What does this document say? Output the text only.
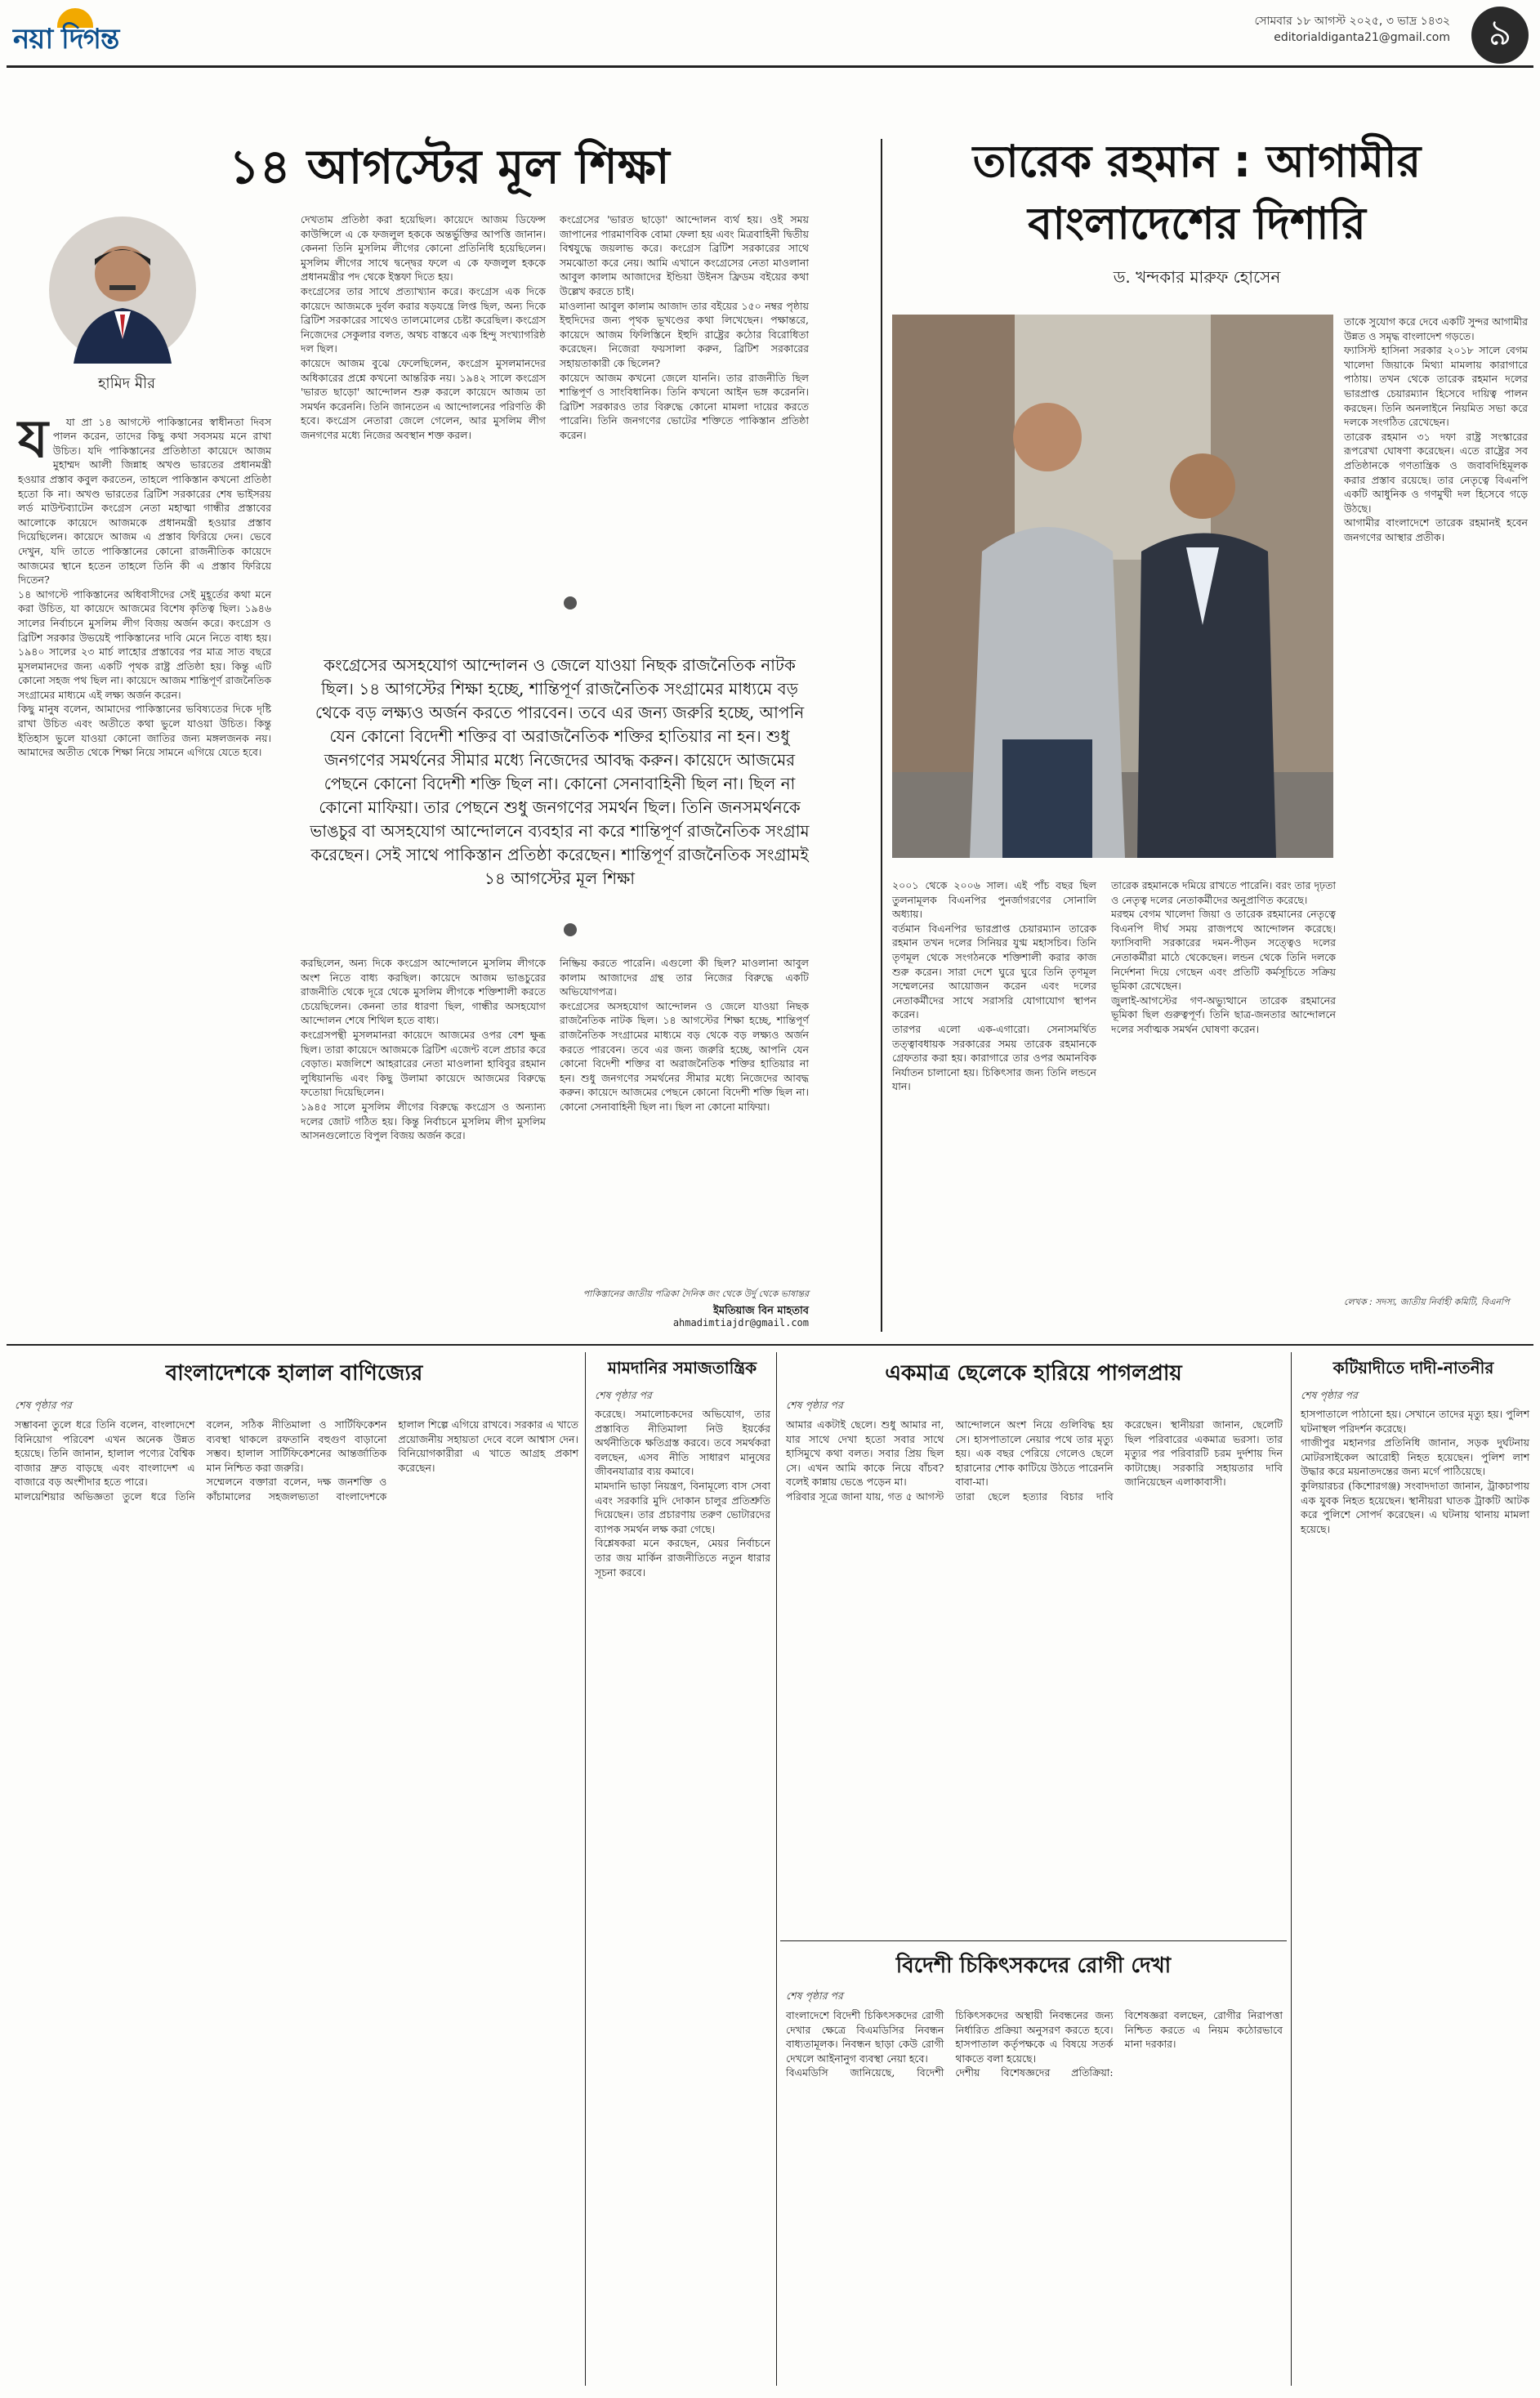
নয়া দিগন্ত
সোমবার ১৮ আগস্ট ২০২৫, ৩ ভাদ্র ১৪৩২
editorialdiganta21@gmail.com	৯
১৪ আগস্টের মূল শিক্ষা
হামিদ মীর

য যা প্রা ১৪ আগস্টে পাকিস্তানের স্বাধীনতা দিবস পালন করেন, তাদের কিছু কথা সবসময় মনে রাখা উচিত। যদি পাকিস্তানের প্রতিষ্ঠাতা কায়েদে আজম মুহাম্মদ আলী জিন্নাহ অখণ্ড ভারতের প্রধানমন্ত্রী হওয়ার প্রস্তাব কবুল করতেন, তাহলে পাকিস্তান কখনো প্রতিষ্ঠা হতো কি না। অখণ্ড ভারতের ব্রিটিশ সরকারের শেষ ভাইসরয় লর্ড মাউন্টব্যাটেন কংগ্রেস নেতা মহাত্মা গান্ধীর প্রস্তাবের আলোকে কায়েদে আজমকে প্রধানমন্ত্রী হওয়ার প্রস্তাব দিয়েছিলেন। কায়েদে আজম এ প্রস্তাব ফিরিয়ে দেন। ভেবে দেখুন, যদি তাতে পাকিস্তানের কোনো রাজনীতিক কায়েদে আজমের স্থানে হতেন তাহলে তিনি কী এ প্রস্তাব ফিরিয়ে দিতেন?
১৪ আগস্টে পাকিস্তানের অধিবাসীদের সেই মুহূর্তের কথা মনে করা উচিত, যা কায়েদে আজমের বিশেষ কৃতিত্ব ছিল। ১৯৪৬ সালের নির্বাচনে মুসলিম লীগ বিজয় অর্জন করে। কংগ্রেস ও ব্রিটিশ সরকার উভয়েই পাকিস্তানের দাবি মেনে নিতে বাধ্য হয়। ১৯৪০ সালের ২৩ মার্চ লাহোর প্রস্তাবের পর মাত্র সাত বছরে মুসলমানদের জন্য একটি পৃথক রাষ্ট্র প্রতিষ্ঠা হয়। কিন্তু এটি কোনো সহজ পথ ছিল না। কায়েদে আজম শান্তিপূর্ণ রাজনৈতিক সংগ্রামের মাধ্যমে এই লক্ষ্য অর্জন করেন।
কিছু মানুষ বলেন, আমাদের পাকিস্তানের ভবিষ্যতের দিকে দৃষ্টি রাখা উচিত এবং অতীতে কথা ভুলে যাওয়া উচিত। কিন্তু ইতিহাস ভুলে যাওয়া কোনো জাতির জন্য মঙ্গলজনক নয়। আমাদের অতীত থেকে শিক্ষা নিয়ে সামনে এগিয়ে যেতে হবে।

দেখতাম প্রতিষ্ঠা করা হয়েছিল। কায়েদে আজম ডিফেন্স কাউন্সিলে এ কে ফজলুল হককে অন্তর্ভুক্তির আপত্তি জানান। কেননা তিনি মুসলিম লীগের কোনো প্রতিনিধি হয়েছিলেন। মুসলিম লীগের সাথে দ্বন্দ্বের ফলে এ কে ফজলুল হককে প্রধানমন্ত্রীর পদ থেকে ইস্তফা দিতে হয়।
কংগ্রেসের তার সাথে প্রত্যাখ্যান করে। কংগ্রেস এক দিকে কায়েদে আজমকে দুর্বল করার ষড়যন্ত্রে লিপ্ত ছিল, অন্য দিকে ব্রিটিশ সরকারের সাথেও তালমোলের চেষ্টা করেছিল। কংগ্রেস নিজেদের সেকুলার বলত, অথচ বাস্তবে এক হিন্দু সংখ্যাগরিষ্ঠ দল ছিল।
কায়েদে আজম বুঝে ফেলেছিলেন, কংগ্রেস মুসলমানদের অধিকারের প্রশ্নে কখনো আন্তরিক নয়। ১৯৪২ সালে কংগ্রেস 'ভারত ছাড়ো' আন্দোলন শুরু করলে কায়েদে আজম তা সমর্থন করেননি। তিনি জানতেন এ আন্দোলনের পরিণতি কী হবে। কংগ্রেস নেতারা জেলে গেলেন, আর মুসলিম লীগ জনগণের মধ্যে নিজের অবস্থান শক্ত করল।
কংগ্রেসের 'ভারত ছাড়ো' আন্দোলন ব্যর্থ হয়। ওই সময় জাপানের পারমাণবিক বোমা ফেলা হয় এবং মিত্রবাহিনী দ্বিতীয় বিশ্বযুদ্ধে জয়লাভ করে। কংগ্রেস ব্রিটিশ সরকারের সাথে সমঝোতা করে নেয়। আমি এখানে কংগ্রেসের নেতা মাওলানা আবুল কালাম আজাদের ইন্ডিয়া উইনস ফ্রিডম বইয়ের কথা উল্লেখ করতে চাই।
মাওলানা আবুল কালাম আজাদ তার বইয়ের ১৫০ নম্বর পৃষ্ঠায় ইহুদিদের জন্য পৃথক ভূখণ্ডের কথা লিখেছেন। পক্ষান্তরে, কায়েদে আজম ফিলিস্তিনে ইহুদি রাষ্ট্রের কঠোর বিরোধিতা করেছেন। নিজেরা ফয়সালা করুন, ব্রিটিশ সরকারের সহায়তাকারী কে ছিলেন?
কায়েদে আজম কখনো জেলে যাননি। তার রাজনীতি ছিল শান্তিপূর্ণ ও সাংবিধানিক। তিনি কখনো আইন ভঙ্গ করেননি। ব্রিটিশ সরকারও তার বিরুদ্ধে কোনো মামলা দায়ের করতে পারেনি। তিনি জনগণের ভোটের শক্তিতে পাকিস্তান প্রতিষ্ঠা করেন।
কংগ্রেসের অসহযোগ আন্দোলন ও জেলে যাওয়া নিছক রাজনৈতিক নাটক ছিল। ১৪ আগস্টের শিক্ষা হচ্ছে, শান্তিপূর্ণ রাজনৈতিক সংগ্রামের মাধ্যমে বড় থেকে বড় লক্ষ্যও অর্জন করতে পারবেন। তবে এর জন্য জরুরি হচ্ছে, আপনি যেন কোনো বিদেশী শক্তির বা অরাজনৈতিক শক্তির হাতিয়ার না হন। শুধু জনগণের সমর্থনের সীমার মধ্যে নিজেদের আবদ্ধ করুন। কায়েদে আজমের পেছনে কোনো বিদেশী শক্তি ছিল না। কোনো সেনাবাহিনী ছিল না। ছিল না কোনো মাফিয়া। তার পেছনে শুধু জনগণের সমর্থন ছিল। তিনি জনসমর্থনকে ভাঙচুর বা অসহযোগ আন্দোলনে ব্যবহার না করে শান্তিপূর্ণ রাজনৈতিক সংগ্রাম করেছেন। সেই সাথে পাকিস্তান প্রতিষ্ঠা করেছেন। শান্তিপূর্ণ রাজনৈতিক সংগ্রামই ১৪ আগস্টের মূল শিক্ষা
করছিলেন, অন্য দিকে কংগ্রেস আন্দোলনে মুসলিম লীগকে অংশ নিতে বাধ্য করছিল। কায়েদে আজম ভাঙচুরের রাজনীতি থেকে দূরে থেকে মুসলিম লীগকে শক্তিশালী করতে চেয়েছিলেন। কেননা তার ধারণা ছিল, গান্ধীর অসহযোগ আন্দোলন শেষে শিথিল হতে বাধ্য।
কংগ্রেসপন্থী মুসলমানরা কায়েদে আজমের ওপর বেশ ক্ষুব্ধ ছিল। তারা কায়েদে আজমকে ব্রিটিশ এজেন্ট বলে প্রচার করে বেড়াত। মজলিশে আহরারের নেতা মাওলানা হাবিবুর রহমান লুধিয়ানভি এবং কিছু উলামা কায়েদে আজমের বিরুদ্ধে ফতোয়া দিয়েছিলেন।
১৯৪৫ সালে মুসলিম লীগের বিরুদ্ধে কংগ্রেস ও অন্যান্য দলের জোট গঠিত হয়। কিন্তু নির্বাচনে মুসলিম লীগ মুসলিম আসনগুলোতে বিপুল বিজয় অর্জন করে।
নিষ্ক্রিয় করতে পারেনি। এগুলো কী ছিল? মাওলানা আবুল কালাম আজাদের গ্রন্থ তার নিজের বিরুদ্ধে একটি অভিযোগপত্র।
কংগ্রেসের অসহযোগ আন্দোলন ও জেলে যাওয়া নিছক রাজনৈতিক নাটক ছিল। ১৪ আগস্টের শিক্ষা হচ্ছে, শান্তিপূর্ণ রাজনৈতিক সংগ্রামের মাধ্যমে বড় থেকে বড় লক্ষ্যও অর্জন করতে পারবেন। তবে এর জন্য জরুরি হচ্ছে, আপনি যেন কোনো বিদেশী শক্তির বা অরাজনৈতিক শক্তির হাতিয়ার না হন। শুধু জনগণের সমর্থনের সীমার মধ্যে নিজেদের আবদ্ধ করুন। কায়েদে আজমের পেছনে কোনো বিদেশী শক্তি ছিল না। কোনো সেনাবাহিনী ছিল না। ছিল না কোনো মাফিয়া।
পাকিস্তানের জাতীয় পত্রিকা দৈনিক জং থেকে উর্দু থেকে ভাষান্তর
ইমতিয়াজ বিন মাহতাব
ahmadimtiajdr@gmail.com
তারেক রহমান : আগামীর বাংলাদেশের দিশারি
ড. খন্দকার মারুফ হোসেন
২০০১ থেকে ২০০৬ সাল। এই পাঁচ বছর ছিল তুলনামূলক বিএনপির পুনর্জাগরণের সোনালি অধ্যায়।
বর্তমান বিএনপির ভারপ্রাপ্ত চেয়ারম্যান তারেক রহমান তখন দলের সিনিয়র যুগ্ম মহাসচিব। তিনি তৃণমূল থেকে সংগঠনকে শক্তিশালী করার কাজ শুরু করেন। সারা দেশে ঘুরে ঘুরে তিনি তৃণমূল সম্মেলনের আয়োজন করেন এবং দলের নেতাকর্মীদের সাথে সরাসরি যোগাযোগ স্থাপন করেন।
তারপর এলো এক-এগারো। সেনাসমর্থিত তত্ত্বাবধায়ক সরকারের সময় তারেক রহমানকে গ্রেফতার করা হয়। কারাগারে তার ওপর অমানবিক নির্যাতন চালানো হয়। চিকিৎসার জন্য তিনি লন্ডনে যান।
তারেক রহমানকে দমিয়ে রাখতে পারেনি। বরং তার দৃঢ়তা ও নেতৃত্ব দলের নেতাকর্মীদের অনুপ্রাণিত করেছে।
মরহুম বেগম খালেদা জিয়া ও তারেক রহমানের নেতৃত্বে বিএনপি দীর্ঘ সময় রাজপথে আন্দোলন করেছে। ফ্যাসিবাদী সরকারের দমন-পীড়ন সত্ত্বেও দলের নেতাকর্মীরা মাঠে থেকেছেন। লন্ডন থেকে তিনি দলকে নির্দেশনা দিয়ে গেছেন এবং প্রতিটি কর্মসূচিতে সক্রিয় ভূমিকা রেখেছেন।
জুলাই-আগস্টের গণ-অভ্যুত্থানে তারেক রহমানের ভূমিকা ছিল গুরুত্বপূর্ণ। তিনি ছাত্র-জনতার আন্দোলনে দলের সর্বাত্মক সমর্থন ঘোষণা করেন।
তাকে সুযোগ করে দেবে একটি সুন্দর আগামীর উন্নত ও সমৃদ্ধ বাংলাদেশ গড়তে।
ফ্যাসিস্ট হাসিনা সরকার ২০১৮ সালে বেগম খালেদা জিয়াকে মিথ্যা মামলায় কারাগারে পাঠায়। তখন থেকে তারেক রহমান দলের ভারপ্রাপ্ত চেয়ারম্যান হিসেবে দায়িত্ব পালন করছেন। তিনি অনলাইনে নিয়মিত সভা করে দলকে সংগঠিত রেখেছেন।
তারেক রহমান ৩১ দফা রাষ্ট্র সংস্কারের রূপরেখা ঘোষণা করেছেন। এতে রাষ্ট্রের সব প্রতিষ্ঠানকে গণতান্ত্রিক ও জবাবদিহিমূলক করার প্রস্তাব রয়েছে। তার নেতৃত্বে বিএনপি একটি আধুনিক ও গণমুখী দল হিসেবে গড়ে উঠছে।
আগামীর বাংলাদেশে তারেক রহমানই হবেন জনগণের আস্থার প্রতীক।
লেখক : সদস্য, জাতীয় নির্বাহী কমিটি, বিএনপি
বাংলাদেশকে হালাল বাণিজ্যের
শেষ পৃষ্ঠার পর
সম্ভাবনা তুলে ধরে তিনি বলেন, বাংলাদেশে বিনিয়োগ পরিবেশ এখন অনেক উন্নত হয়েছে। তিনি জানান, হালাল পণ্যের বৈশ্বিক বাজার দ্রুত বাড়ছে এবং বাংলাদেশ এ বাজারে বড় অংশীদার হতে পারে।
মালয়েশিয়ার অভিজ্ঞতা তুলে ধরে তিনি বলেন, সঠিক নীতিমালা ও সার্টিফিকেশন ব্যবস্থা থাকলে রফতানি বহুগুণ বাড়ানো সম্ভব। হালাল সার্টিফিকেশনের আন্তর্জাতিক মান নিশ্চিত করা জরুরি।
সম্মেলনে বক্তারা বলেন, দক্ষ জনশক্তি ও কাঁচামালের সহজলভ্যতা বাংলাদেশকে হালাল শিল্পে এগিয়ে রাখবে। সরকার এ খাতে প্রয়োজনীয় সহায়তা দেবে বলে আশ্বাস দেন। বিনিয়োগকারীরা এ খাতে আগ্রহ প্রকাশ করেছেন।
মামদানির সমাজতান্ত্রিক
শেষ পৃষ্ঠার পর
করেছে। সমালোচকদের অভিযোগ, তার প্রস্তাবিত নীতিমালা নিউ ইয়র্কের অর্থনীতিকে ক্ষতিগ্রস্ত করবে। তবে সমর্থকরা বলছেন, এসব নীতি সাধারণ মানুষের জীবনযাত্রার ব্যয় কমাবে।
মামদানি ভাড়া নিয়ন্ত্রণ, বিনামূল্যে বাস সেবা এবং সরকারি মুদি দোকান চালুর প্রতিশ্রুতি দিয়েছেন। তার প্রচারণায় তরুণ ভোটারদের ব্যাপক সমর্থন লক্ষ করা গেছে।
বিশ্লেষকরা মনে করছেন, মেয়র নির্বাচনে তার জয় মার্কিন রাজনীতিতে নতুন ধারার সূচনা করবে।
একমাত্র ছেলেকে হারিয়ে পাগলপ্রায়
শেষ পৃষ্ঠার পর
আমার একটাই ছেলে। শুধু আমার না, যার সাথে দেখা হতো সবার সাথে হাসিমুখে কথা বলত। সবার প্রিয় ছিল সে। এখন আমি কাকে নিয়ে বাঁচব? বলেই কান্নায় ভেঙে পড়েন মা।
পরিবার সূত্রে জানা যায়, গত ৫ আগস্ট আন্দোলনে অংশ নিয়ে গুলিবিদ্ধ হয় সে। হাসপাতালে নেয়ার পথে তার মৃত্যু হয়। এক বছর পেরিয়ে গেলেও ছেলে হারানোর শোক কাটিয়ে উঠতে পারেননি বাবা-মা।
তারা ছেলে হত্যার বিচার দাবি করেছেন। স্থানীয়রা জানান, ছেলেটি ছিল পরিবারের একমাত্র ভরসা। তার মৃত্যুর পর পরিবারটি চরম দুর্দশায় দিন কাটাচ্ছে। সরকারি সহায়তার দাবি জানিয়েছেন এলাকাবাসী।
বিদেশী চিকিৎসকদের রোগী দেখা
শেষ পৃষ্ঠার পর
বাংলাদেশে বিদেশী চিকিৎসকদের রোগী দেখার ক্ষেত্রে বিএমডিসির নিবন্ধন বাধ্যতামূলক। নিবন্ধন ছাড়া কেউ রোগী দেখলে আইনানুগ ব্যবস্থা নেয়া হবে।
বিএমডিসি জানিয়েছে, বিদেশী চিকিৎসকদের অস্থায়ী নিবন্ধনের জন্য নির্ধারিত প্রক্রিয়া অনুসরণ করতে হবে। হাসপাতাল কর্তৃপক্ষকে এ বিষয়ে সতর্ক থাকতে বলা হয়েছে।
দেশীয় বিশেষজ্ঞদের প্রতিক্রিয়া: বিশেষজ্ঞরা বলছেন, রোগীর নিরাপত্তা নিশ্চিত করতে এ নিয়ম কঠোরভাবে মানা দরকার।
কটিয়াদীতে দাদী-নাতনীর
শেষ পৃষ্ঠার পর
হাসপাতালে পাঠানো হয়। সেখানে তাদের মৃত্যু হয়। পুলিশ ঘটনাস্থল পরিদর্শন করেছে।
গাজীপুর মহানগর প্রতিনিধি জানান, সড়ক দুর্ঘটনায় মোটরসাইকেল আরোহী নিহত হয়েছেন। পুলিশ লাশ উদ্ধার করে ময়নাতদন্তের জন্য মর্গে পাঠিয়েছে।
কুলিয়ারচর (কিশোরগঞ্জ) সংবাদদাতা জানান, ট্রাকচাপায় এক যুবক নিহত হয়েছেন। স্থানীয়রা ঘাতক ট্রাকটি আটক করে পুলিশে সোপর্দ করেছেন। এ ঘটনায় থানায় মামলা হয়েছে।
